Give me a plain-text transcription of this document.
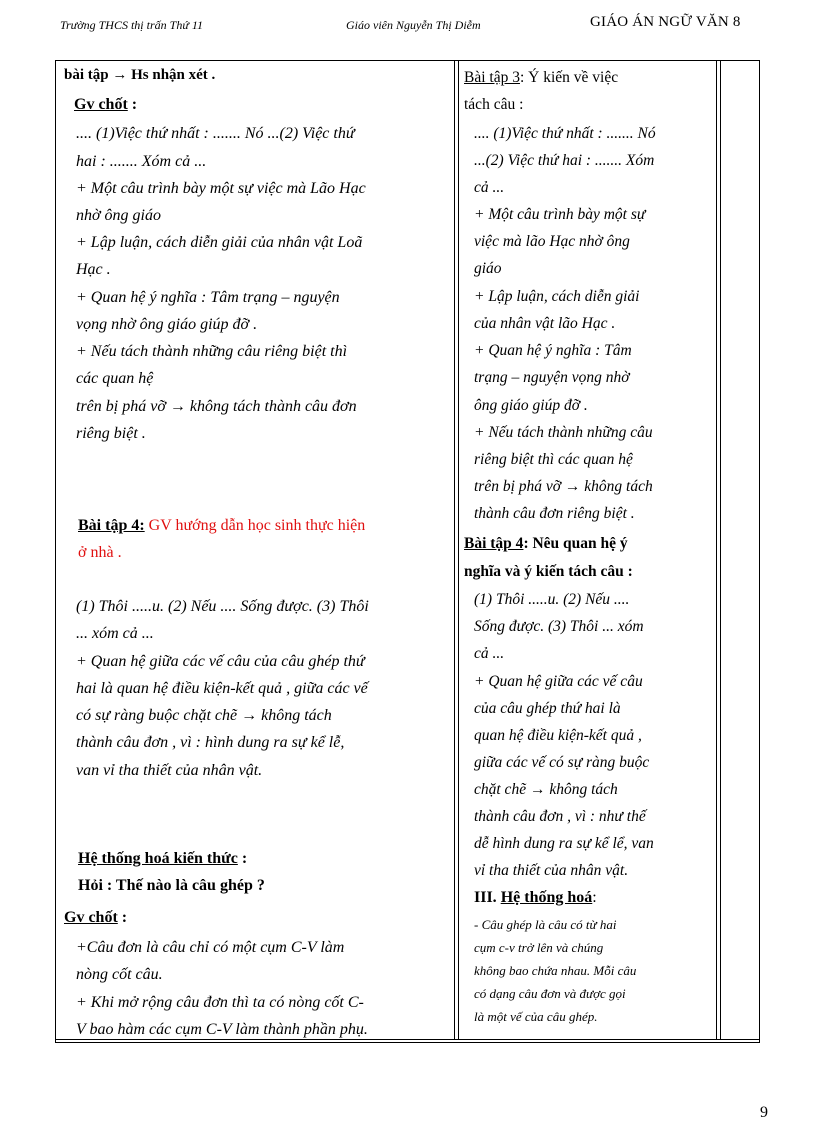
Trường THCS thị trấn Thứ 11	Giáo viên Nguyễn Thị Diễm	GIÁO ÁN NGỮ VĂN 8
bài tập → Hs nhận xét .
Gv chốt :
.... (1)Việc thứ nhất : ....... Nó ...(2) Việc thứ
hai : ....... Xóm cả ...
+ Một câu trình bày một sự việc mà Lão Hạc
nhờ ông giáo
+ Lập luận, cách diễn giải của nhân vật Loã
Hạc .
+ Quan hệ ý nghĩa : Tâm trạng – nguyện
vọng nhờ ông giáo giúp đỡ .
+ Nếu tách thành những câu riêng biệt thì
các quan hệ
trên bị phá vỡ → không tách thành câu đơn
riêng biệt .
Bài tập 4: GV hướng dẫn học sinh thực hiện
ở nhà .
(1) Thôi .....u. (2) Nếu .... Sống được. (3) Thôi
... xóm cả ...
+ Quan hệ giữa các vế câu của câu ghép thứ
hai là quan hệ điều kiện-kết quả , giữa các vế
có sự ràng buộc chặt chẽ → không tách
thành câu đơn , vì : hình dung ra sự kể lễ,
van vỉ tha thiết của nhân vật.
Hệ thống hoá kiến thức :
Hỏi : Thế nào là câu ghép ?
Gv chốt :
+Câu đơn là câu chỉ có một cụm C-V làm
nòng cốt câu.
+ Khi mở rộng câu đơn thì ta có nòng cốt C-
V bao hàm các cụm C-V làm thành phần phụ.
Bài tập 3: Ý kiến về việc
tách câu :
.... (1)Việc thứ nhất : ....... Nó
...(2) Việc thứ hai : ....... Xóm
cả ...
+ Một câu trình bày một sự
việc mà lão Hạc nhờ ông
giáo
+ Lập luận, cách diễn giải
của nhân vật lão Hạc .
+ Quan hệ ý nghĩa : Tâm
trạng – nguyện vọng nhờ
ông giáo giúp đỡ .
+ Nếu tách thành những câu
riêng biệt thì các quan hệ
trên bị phá vỡ → không tách
thành câu đơn riêng biệt .
Bài tập 4: Nêu quan hệ ý
nghĩa và ý kiến tách câu :
(1) Thôi .....u. (2) Nếu ....
Sống được. (3) Thôi ... xóm
cả ...
+ Quan hệ giữa các vế câu
của câu ghép thứ hai là
quan hệ điều kiện-kết quả ,
giữa các vế có sự ràng buộc
chặt chẽ → không tách
thành câu đơn , vì : như thế
dễ hình dung ra sự kể lể, van
vỉ tha thiết của nhân vật.
III. Hệ thống hoá:
- Câu ghép là câu có từ hai
cụm c-v trở lên và chúng
không bao chứa nhau. Mỗi câu
có dạng câu đơn và được gọi
là một vế của câu ghép.
9
